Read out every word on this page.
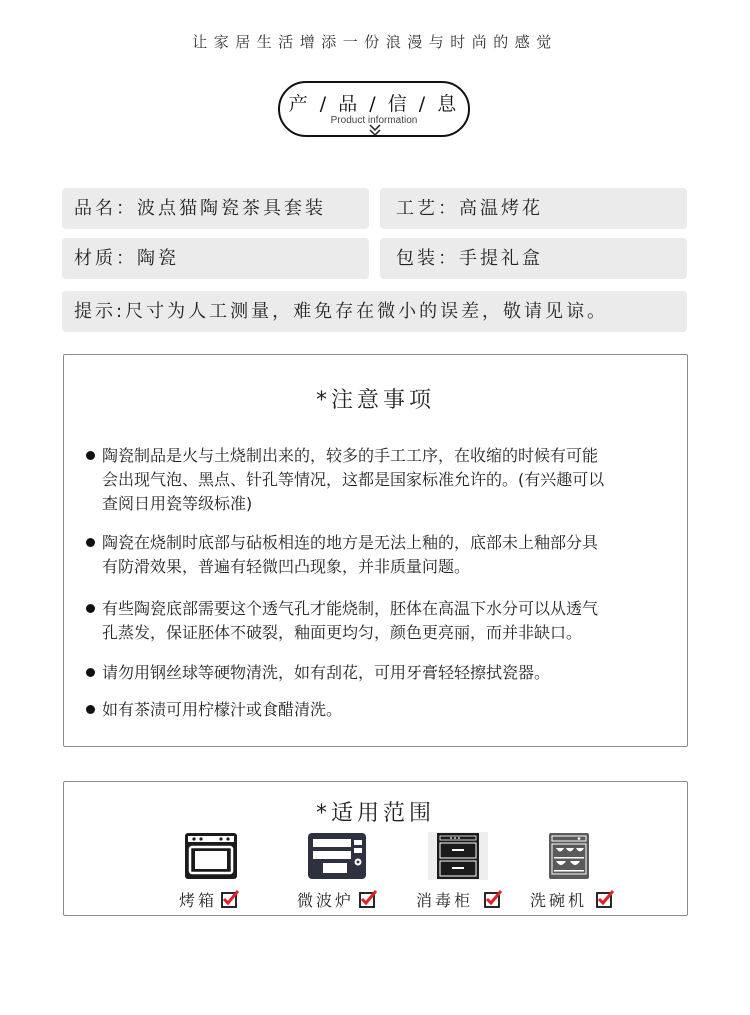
让家居生活增添一份浪漫与时尚的感觉
产 / 品 / 信 / 息
Product information
品名：波点猫陶瓷茶具套装	工艺：高温烤花
材质：陶瓷	包装：手提礼盒
提示:尺寸为人工测量，难免存在微小的误差，敬请见谅。
*注意事项
陶瓷制品是火与土烧制出来的，较多的手工工序，在收缩的时候有可能
会出现气泡、黑点、针孔等情况，这都是国家标准允许的。(有兴趣可以
查阅日用瓷等级标准)
陶瓷在烧制时底部与砧板相连的地方是无法上釉的，底部未上釉部分具
有防滑效果，普遍有轻微凹凸现象，并非质量问题。
有些陶瓷底部需要这个透气孔才能烧制，胚体在高温下水分可以从透气
孔蒸发，保证胚体不破裂，釉面更均匀，颜色更亮丽，而并非缺口。
请勿用钢丝球等硬物清洗，如有刮花，可用牙膏轻轻擦拭瓷器。
如有茶渍可用柠檬汁或食醋清洗。
*适用范围
烤箱	微波炉	消毒柜	洗碗机
